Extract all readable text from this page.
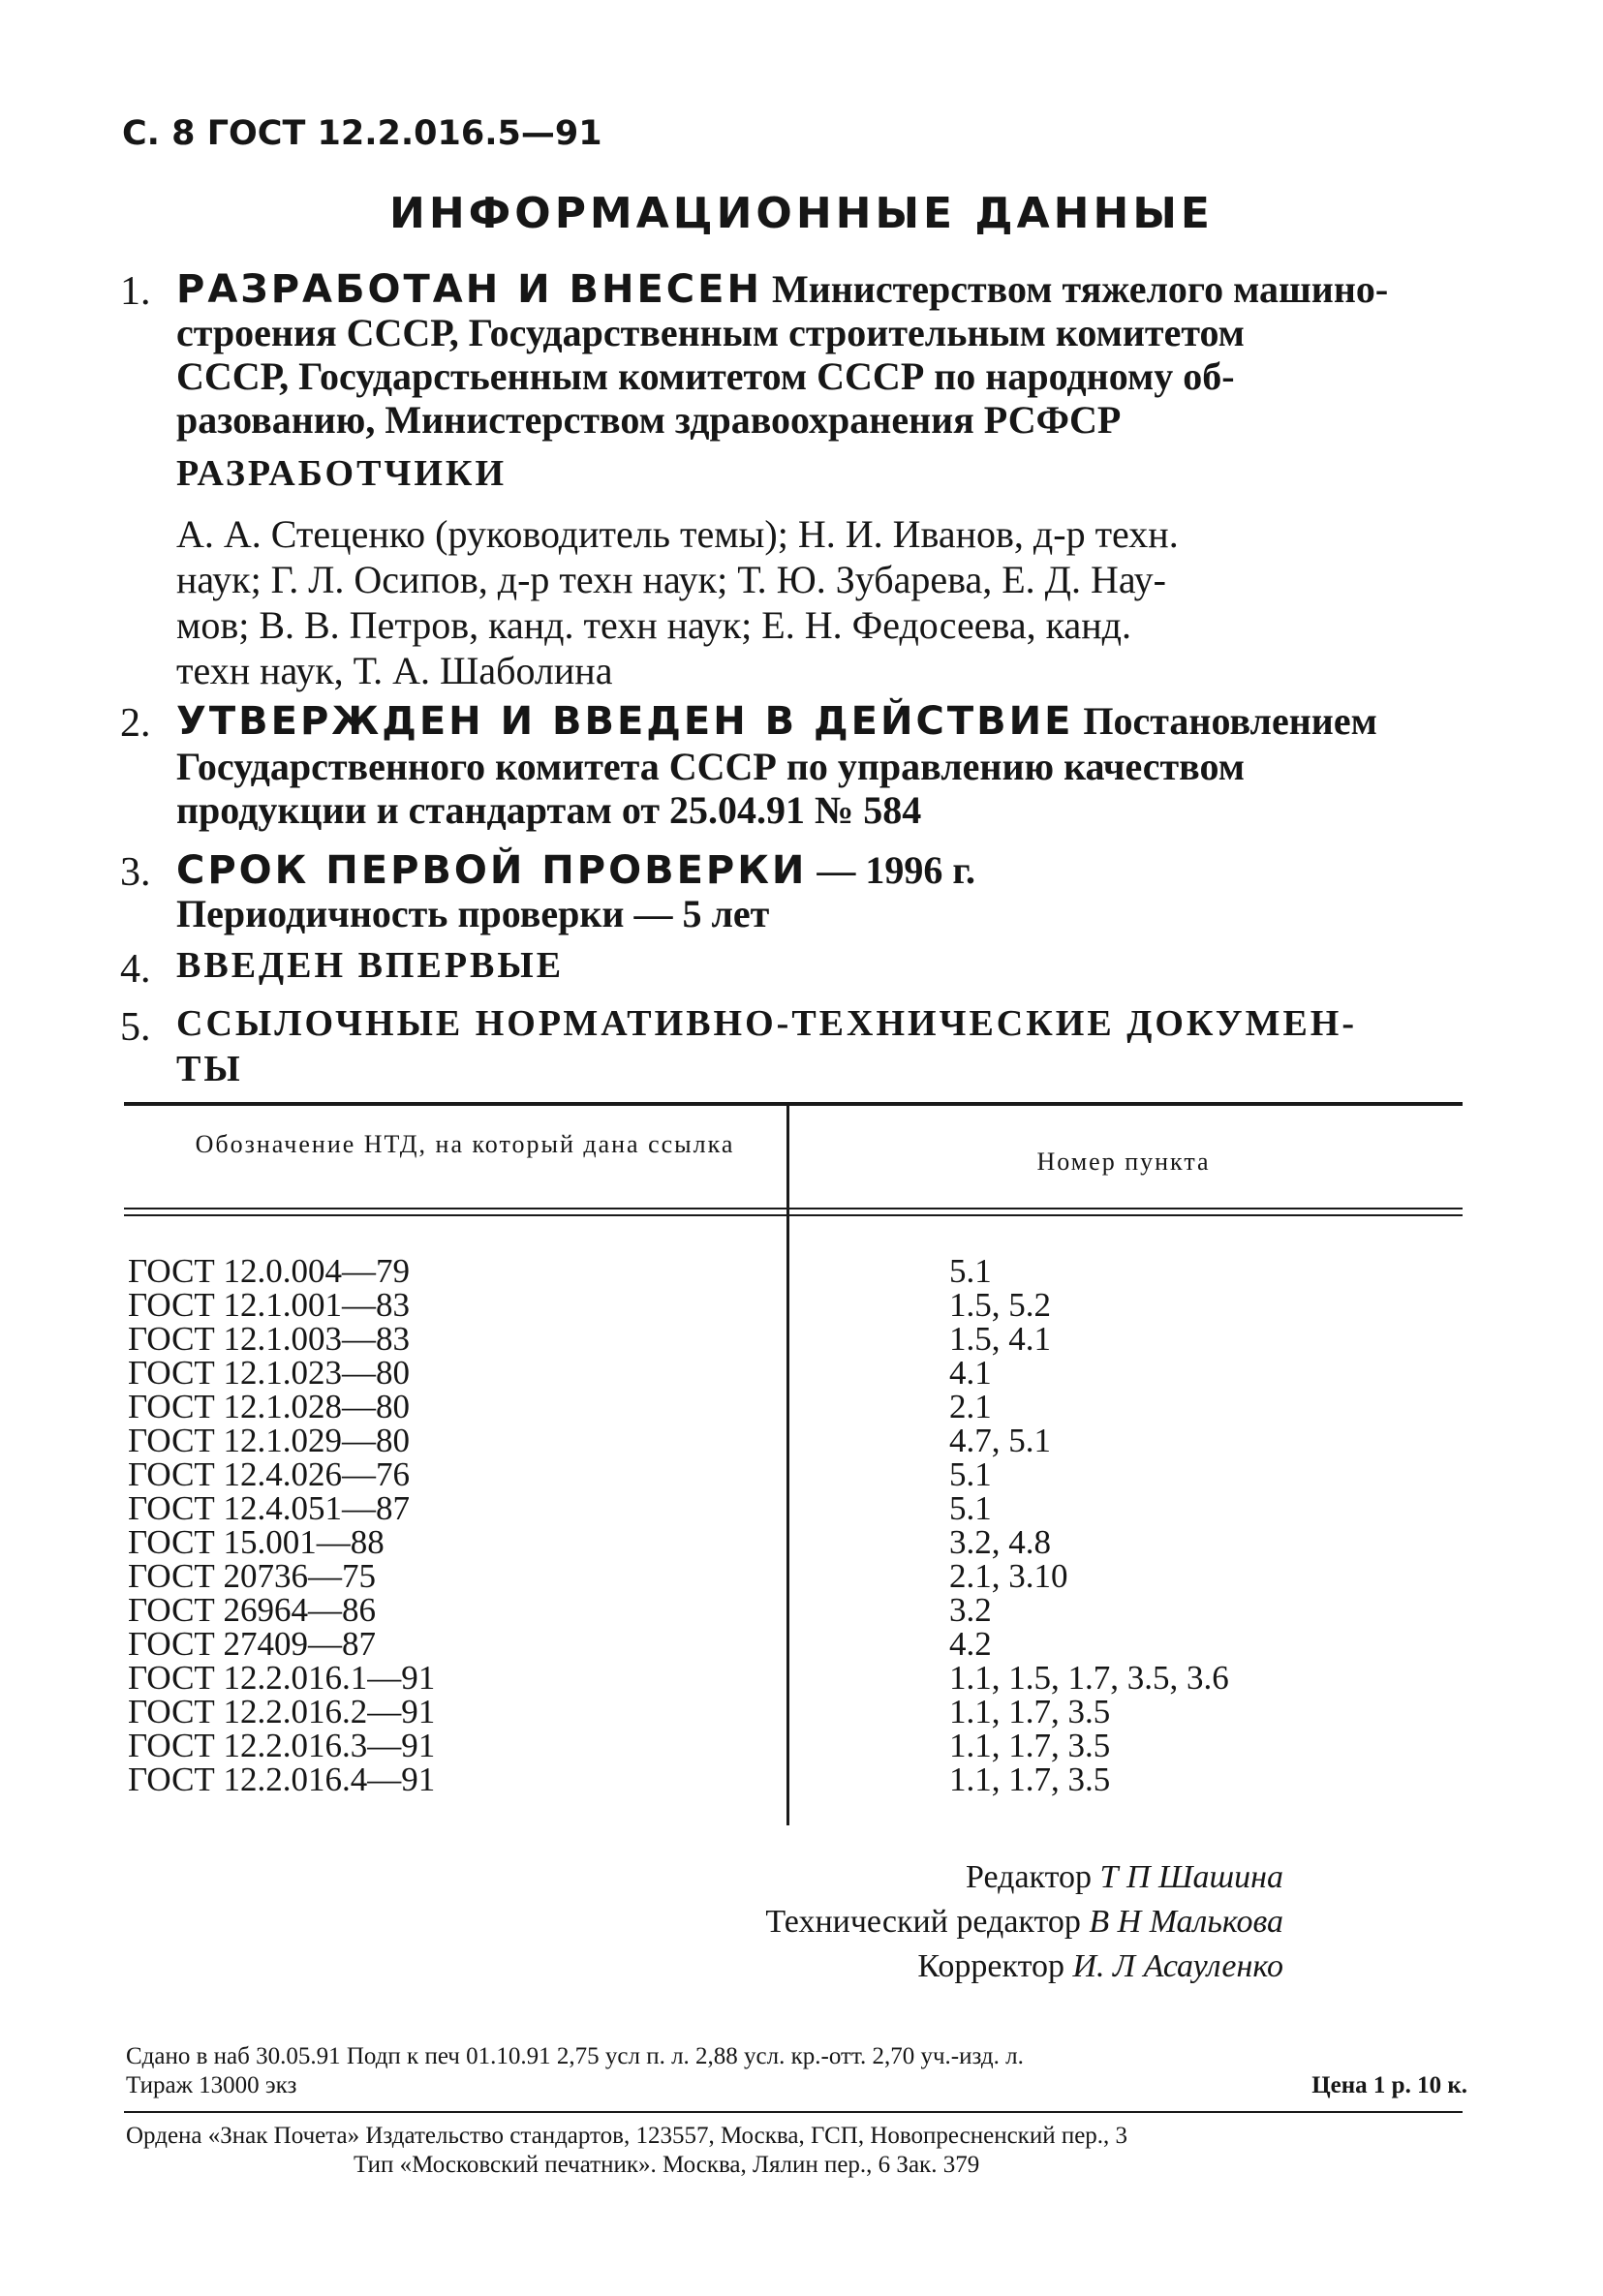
С. 8 ГОСТ 12.2.016.5—91
ИНФОРМАЦИОННЫЕ ДАННЫЕ
1. РАЗРАБОТАН И ВНЕСЕН Министерством тяжелого машино-
строения СССР, Государственным строительным комитетом
СССР, Государстьенным комитетом СССР по народному об-
разованию, Министерством здравоохранения РСФСР
РАЗРАБОТЧИКИ
А. А. Стеценко (руководитель темы); Н. И. Иванов, д-р техн.
наук; Г. Л. Осипов, д-р техн наук; Т. Ю. Зубарева, Е. Д. Нау-
мов; В. В. Петров, канд. техн наук; Е. Н. Федосеева, канд.
техн наук, Т. А. Шаболина
2. УТВЕРЖДЕН И ВВЕДЕН В ДЕЙСТВИЕ Постановлением
Государственного комитета СССР по управлению качеством
продукции и стандартам от 25.04.91 № 584
3. СРОК ПЕРВОЙ ПРОВЕРКИ — 1996 г.
Периодичность проверки — 5 лет
4. ВВЕДЕН ВПЕРВЫЕ
5. ССЫЛОЧНЫЕ НОРМАТИВНО-ТЕХНИЧЕСКИЕ ДОКУМЕН-
ТЫ
Обозначение НТД, на который дана ссылка
Номер пункта
ГОСТ 12.0.004—79	5.1
ГОСТ 12.1.001—83	1.5, 5.2
ГОСТ 12.1.003—83	1.5, 4.1
ГОСТ 12.1.023—80	4.1
ГОСТ 12.1.028—80	2.1
ГОСТ 12.1.029—80	4.7, 5.1
ГОСТ 12.4.026—76	5.1
ГОСТ 12.4.051—87	5.1
ГОСТ 15.001—88	3.2, 4.8
ГОСТ 20736—75	2.1, 3.10
ГОСТ 26964—86	3.2
ГОСТ 27409—87	4.2
ГОСТ 12.2.016.1—91	1.1, 1.5, 1.7, 3.5, 3.6
ГОСТ 12.2.016.2—91	1.1, 1.7, 3.5
ГОСТ 12.2.016.3—91	1.1, 1.7, 3.5
ГОСТ 12.2.016.4—91	1.1, 1.7, 3.5
Редактор Т П Шашина
Технический редактор В Н Малькова
Корректор И. Л Асауленко
Сдано в наб 30.05.91 Подп к печ 01.10.91 2,75 усл п. л. 2,88 усл. кр.-отт. 2,70 уч.-изд. л.
Тираж 13000 экз	Цена 1 р. 10 к.
Ордена «Знак Почета» Издательство стандартов, 123557, Москва, ГСП, Новопресненский пер., 3
Тип «Московский печатник». Москва, Лялин пер., 6 Зак. 379
